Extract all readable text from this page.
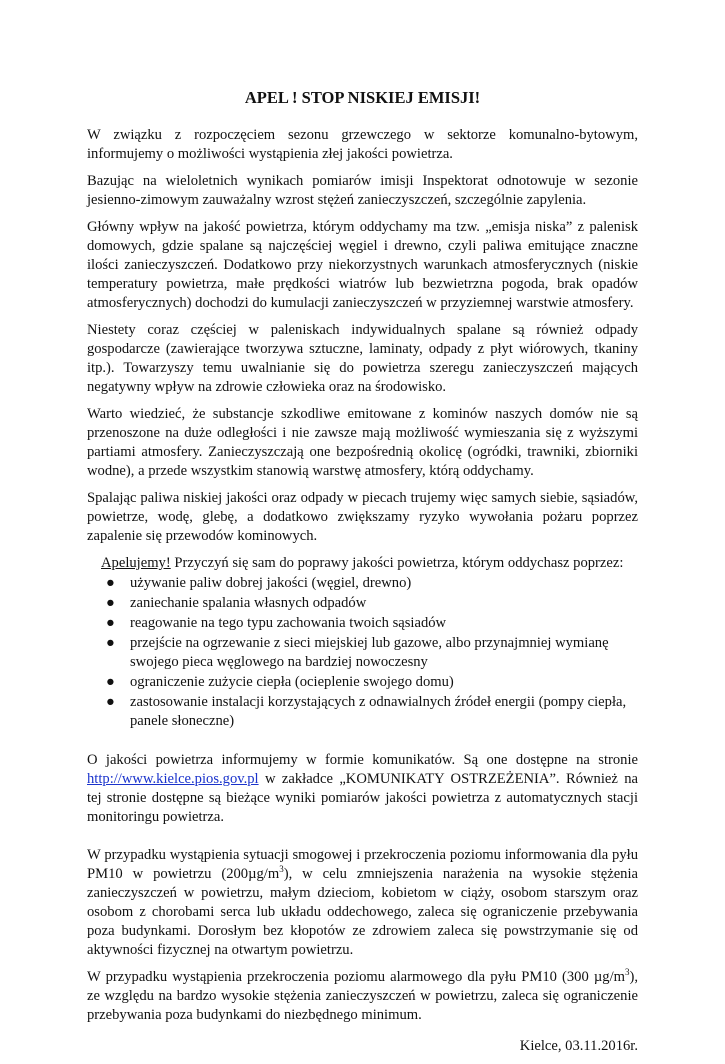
APEL ! STOP NISKIEJ EMISJI!

W związku z rozpoczęciem sezonu grzewczego w sektorze komunalno-bytowym, informujemy o możliwości wystąpienia złej jakości powietrza.

Bazując na wieloletnich wynikach pomiarów imisji Inspektorat odnotowuje w sezonie jesienno-zimowym zauważalny wzrost stężeń zanieczyszczeń, szczególnie zapylenia.

Główny wpływ na jakość powietrza, którym oddychamy ma tzw. „emisja niska” z palenisk domowych, gdzie spalane są najczęściej węgiel i drewno, czyli paliwa emitujące znaczne ilości zanieczyszczeń. Dodatkowo przy niekorzystnych warunkach atmosferycznych (niskie temperatury powietrza, małe prędkości wiatrów lub bezwietrzna pogoda, brak opadów atmosferycznych) dochodzi do kumulacji zanieczyszczeń w przyziemnej warstwie atmosfery.

Niestety coraz częściej w paleniskach indywidualnych spalane są również odpady gospodarcze (zawierające tworzywa sztuczne, laminaty, odpady z płyt wiórowych, tkaniny itp.). Towarzyszy temu uwalnianie się do powietrza szeregu zanieczyszczeń mających negatywny wpływ na zdrowie człowieka oraz na środowisko.

Warto wiedzieć, że substancje szkodliwe emitowane z kominów naszych domów nie są przenoszone na duże odległości i nie zawsze mają możliwość wymieszania się z wyższymi partiami atmosfery. Zanieczyszczają one bezpośrednią okolicę (ogródki, trawniki, zbiorniki wodne), a przede wszystkim stanowią warstwę atmosfery, którą oddychamy.

Spalając paliwa niskiej jakości oraz odpady w piecach trujemy więc samych siebie, sąsiadów, powietrze, wodę, glebę, a dodatkowo zwiększamy ryzyko wywołania pożaru poprzez zapalenie się przewodów kominowych.

Apelujemy! Przyczyń się sam do poprawy jakości powietrza, którym oddychasz poprzez:

● używanie paliw dobrej jakości (węgiel, drewno)
● zaniechanie spalania własnych odpadów
● reagowanie na tego typu zachowania twoich sąsiadów
● przejście na ogrzewanie z sieci miejskiej lub gazowe, albo przynajmniej wymianę swojego pieca węglowego na bardziej nowoczesny
● ograniczenie zużycie ciepła (ocieplenie swojego domu)
● zastosowanie instalacji korzystających z odnawialnych źródeł energii (pompy ciepła, panele słoneczne)

O jakości powietrza informujemy w formie komunikatów. Są one dostępne na stronie http://www.kielce.pios.gov.pl w zakładce „KOMUNIKATY OSTRZEŻENIA”. Również na tej stronie dostępne są bieżące wyniki pomiarów jakości powietrza z automatycznych stacji monitoringu powietrza.

W przypadku wystąpienia sytuacji smogowej i przekroczenia poziomu informowania dla pyłu PM10 w powietrzu $(200\mu g/m^3)$, w celu zmniejszenia narażenia na wysokie stężenia zanieczyszczeń w powietrzu, małym dzieciom, kobietom w ciąży, osobom starszym oraz osobom z chorobami serca lub układu oddechowego, zaleca się ograniczenie przebywania poza budynkami. Dorosłym bez kłopotów ze zdrowiem zaleca się powstrzymanie się od aktywności fizycznej na otwartym powietrzu.

W przypadku wystąpienia przekroczenia poziomu alarmowego dla pyłu PM10 (300 $\mu g/m^3$), ze względu na bardzo wysokie stężenia zanieczyszczeń w powietrzu, zaleca się ograniczenie przebywania poza budynkami do niezbędnego minimum.

Kielce, 03.11.2016r.
